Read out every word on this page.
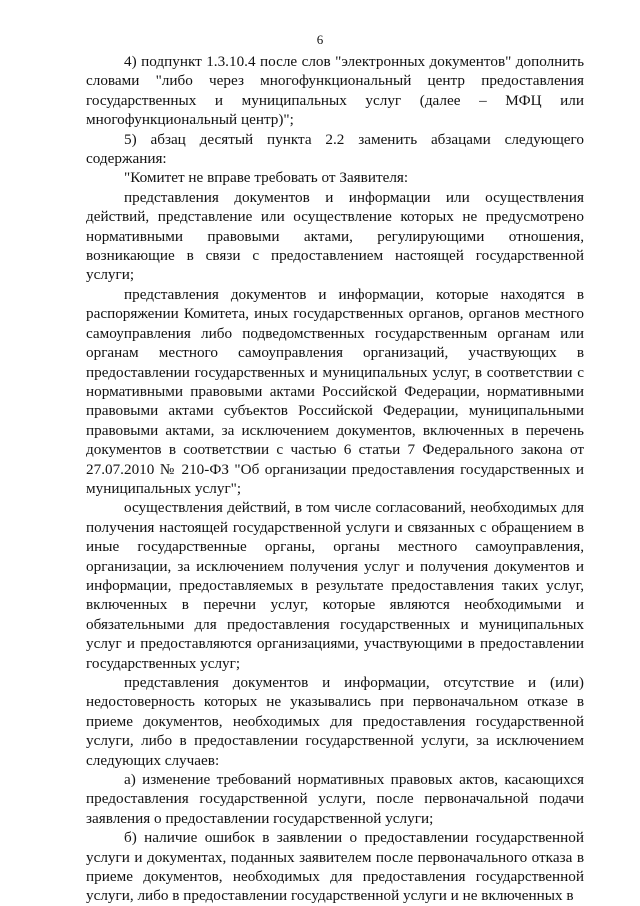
6

4) подпункт 1.3.10.4 после слов "электронных документов" дополнить словами "либо через многофункциональный центр предоставления государственных и муниципальных услуг (далее – МФЦ или многофункциональный центр)";

5) абзац десятый пункта 2.2 заменить абзацами следующего содержания:

"Комитет не вправе требовать от Заявителя:

представления документов и информации или осуществления действий, представление или осуществление которых не предусмотрено нормативными правовыми актами, регулирующими отношения, возникающие в связи с предоставлением настоящей государственной услуги;

представления документов и информации, которые находятся в распоряжении Комитета, иных государственных органов, органов местного самоуправления либо подведомственных государственным органам или органам местного самоуправления организаций, участвующих в предоставлении государственных и муниципальных услуг, в соответствии с нормативными правовыми актами Российской Федерации, нормативными правовыми актами субъектов Российской Федерации, муниципальными правовыми актами, за исключением документов, включенных в перечень документов в соответствии с частью 6 статьи 7 Федерального закона от 27.07.2010 № 210-ФЗ "Об организации предоставления государственных и муниципальных услуг";

осуществления действий, в том числе согласований, необходимых для получения настоящей государственной услуги и связанных с обращением в иные государственные органы, органы местного самоуправления, организации, за исключением получения услуг и получения документов и информации, предоставляемых в результате предоставления таких услуг, включенных в перечни услуг, которые являются необходимыми и обязательными для предоставления государственных и муниципальных услуг и предоставляются организациями, участвующими в предоставлении государственных услуг;

представления документов и информации, отсутствие и (или) недостоверность которых не указывались при первоначальном отказе в приеме документов, необходимых для предоставления государственной услуги, либо в предоставлении государственной услуги, за исключением следующих случаев:

а) изменение требований нормативных правовых актов, касающихся предоставления государственной услуги, после первоначальной подачи заявления о предоставлении государственной услуги;

б) наличие ошибок в заявлении о предоставлении государственной услуги и документах, поданных заявителем после первоначального отказа в приеме документов, необходимых для предоставления государственной услуги, либо в предоставлении государственной услуги и не включенных в
